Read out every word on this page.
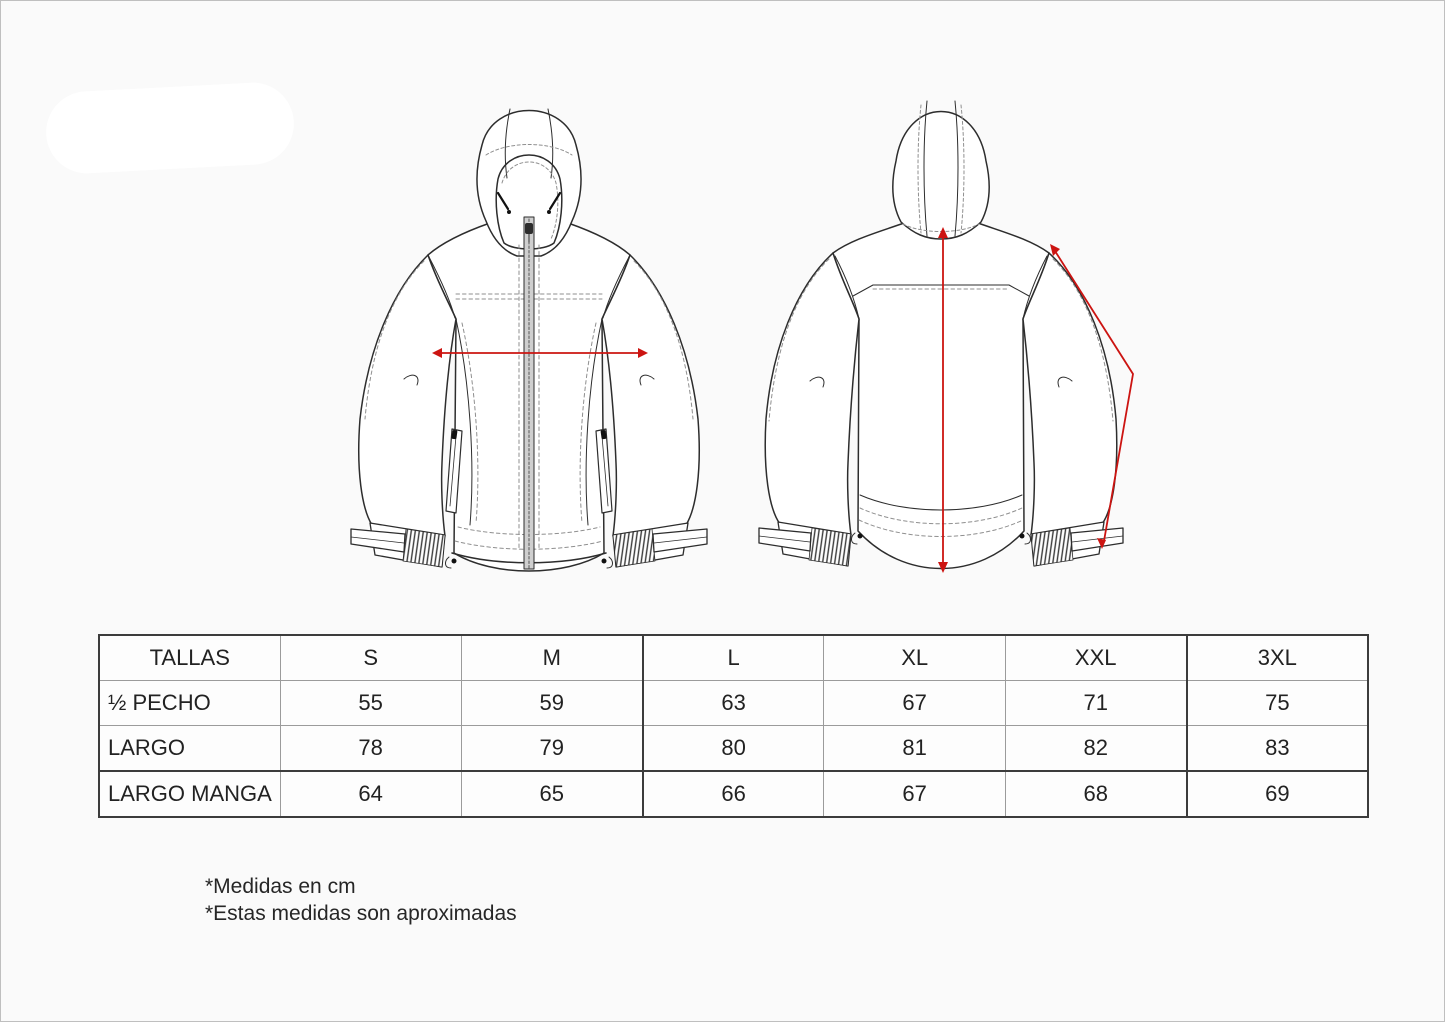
TALLAS	S	M	L	XL	XXL	3XL
½ PECHO	55	59	63	67	71	75
LARGO	78	79	80	81	82	83
LARGO MANGA	64	65	66	67	68	69
*Medidas en cm
*Estas medidas son aproximadas
